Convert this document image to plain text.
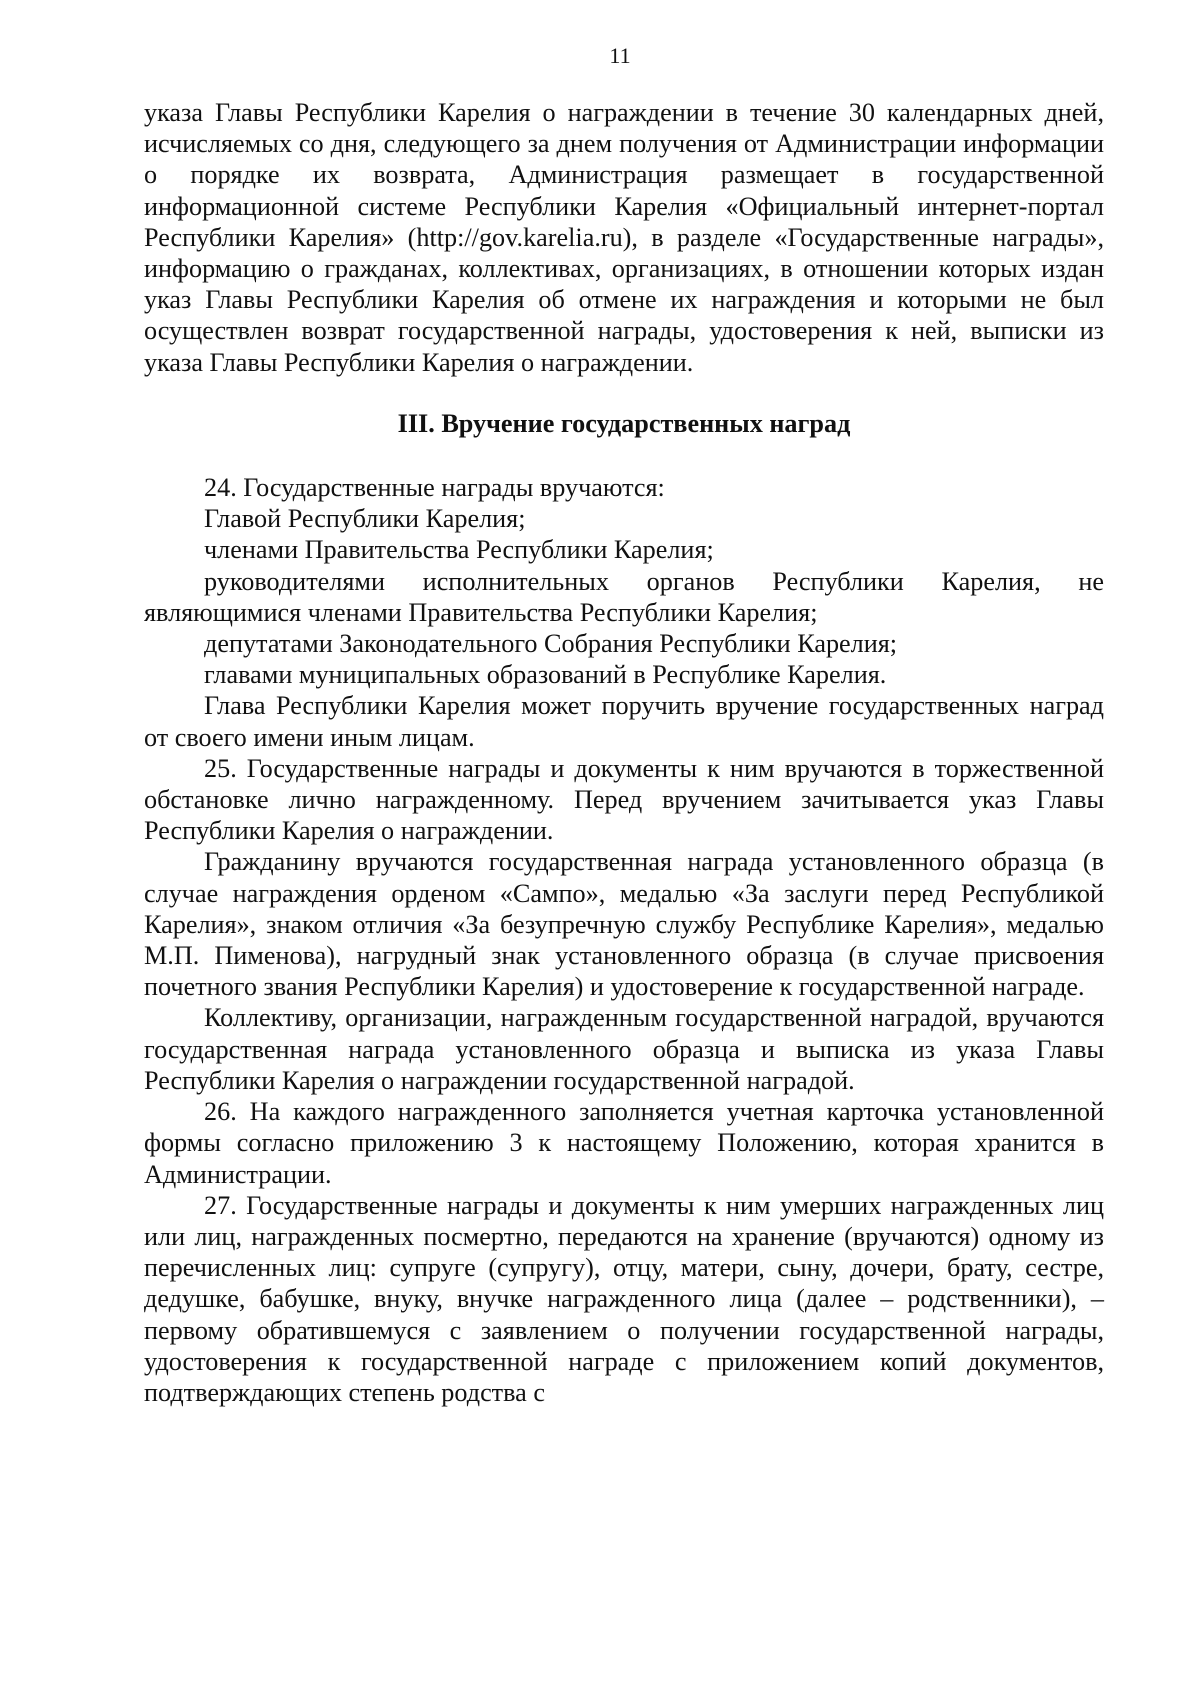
11

указа Главы Республики Карелия о награждении в течение 30 календарных дней, исчисляемых со дня, следующего за днем получения от Администрации информации о порядке их возврата, Администрация размещает в государственной информационной системе Республики Карелия «Официальный интернет-портал Республики Карелия» (http://gov.karelia.ru), в разделе «Государственные награды», информацию о гражданах, коллективах, организациях, в отношении которых издан указ Главы Республики Карелия об отмене их награждения и которыми не был осуществлен возврат государственной награды, удостоверения к ней, выписки из указа Главы Республики Карелия о награждении.

III. Вручение государственных наград

24. Государственные награды вручаются:

Главой Республики Карелия;

членами Правительства Республики Карелия;

руководителями исполнительных органов Республики Карелия, не являющимися членами Правительства Республики Карелия;

депутатами Законодательного Собрания Республики Карелия;

главами муниципальных образований в Республике Карелия.

Глава Республики Карелия может поручить вручение государственных наград от своего имени иным лицам.

25. Государственные награды и документы к ним вручаются в торжественной обстановке лично награжденному. Перед вручением зачитывается указ Главы Республики Карелия о награждении.

Гражданину вручаются государственная награда установленного образца (в случае награждения орденом «Сампо», медалью «За заслуги перед Республикой Карелия», знаком отличия «За безупречную службу Республике Карелия», медалью М.П. Пименова), нагрудный знак установленного образца (в случае присвоения почетного звания Республики Карелия) и удостоверение к государственной награде.

Коллективу, организации, награжденным государственной наградой, вручаются государственная награда установленного образца и выписка из указа Главы Республики Карелия о награждении государственной наградой.

26. На каждого награжденного заполняется учетная карточка установленной формы согласно приложению 3 к настоящему Положению, которая хранится в Администрации.

27. Государственные награды и документы к ним умерших награжденных лиц или лиц, награжденных посмертно, передаются на хранение (вручаются) одному из перечисленных лиц: супруге (супругу), отцу, матери, сыну, дочери, брату, сестре, дедушке, бабушке, внуку, внучке награжденного лица (далее – родственники), – первому обратившемуся с заявлением о получении государственной награды, удостоверения к государственной награде с приложением копий документов, подтверждающих степень родства с
